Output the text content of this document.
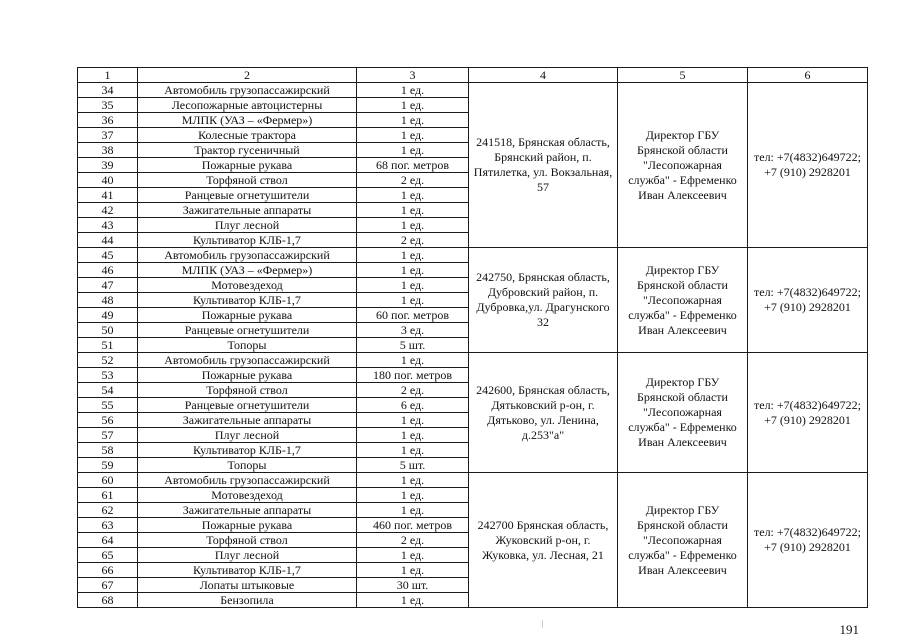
1	2	3	4	5	6
34	Автомобиль грузопассажирский	1 ед.	241518, Брянская область, Брянский район, п. Пятилетка, ул. Вокзальная, 57	Директор ГБУ Брянской области "Лесопожарная служба" - Ефременко Иван Алексеевич	тел: +7(4832)649722; +7 (910) 2928201
35	Лесопожарные автоцистерны	1 ед.			
36	МЛПК (УАЗ – «Фермер»)	1 ед.			
37	Колесные трактора	1 ед.			
38	Трактор гусеничный	1 ед.			
39	Пожарные рукава	68 пог. метров			
40	Торфяной ствол	2 ед.			
41	Ранцевые огнетушители	1 ед.			
42	Зажигательные аппараты	1 ед.			
43	Плуг лесной	1 ед.			
44	Культиватор КЛБ-1,7	2 ед.			
45	Автомобиль грузопассажирский	1 ед.	242750, Брянская область, Дубровский район, п. Дубровка,ул. Драгунского 32	Директор ГБУ Брянской области "Лесопожарная служба" - Ефременко Иван Алексеевич	тел: +7(4832)649722; +7 (910) 2928201
46	МЛПК (УАЗ – «Фермер»)	1 ед.			
47	Мотовездеход	1 ед.			
48	Культиватор КЛБ-1,7	1 ед.			
49	Пожарные рукава	60 пог. метров			
50	Ранцевые огнетушители	3 ед.			
51	Топоры	5 шт.			
52	Автомобиль грузопассажирский	1 ед.	242600, Брянская область, Дятьковский р-он, г. Дятьково, ул. Ленина, д.253"а"	Директор ГБУ Брянской области "Лесопожарная служба" - Ефременко Иван Алексеевич	тел: +7(4832)649722; +7 (910) 2928201
53	Пожарные рукава	180 пог. метров			
54	Торфяной ствол	2 ед.			
55	Ранцевые огнетушители	6 ед.			
56	Зажигательные аппараты	1 ед.			
57	Плуг лесной	1 ед.			
58	Культиватор КЛБ-1,7	1 ед.			
59	Топоры	5 шт.			
60	Автомобиль грузопассажирский	1 ед.	242700 Брянская область, Жуковский р-он, г. Жуковка, ул. Лесная, 21	Директор ГБУ Брянской области "Лесопожарная служба" - Ефременко Иван Алексеевич	тел: +7(4832)649722; +7 (910) 2928201
61	Мотовездеход	1 ед.			
62	Зажигательные аппараты	1 ед.			
63	Пожарные рукава	460 пог. метров			
64	Торфяной ствол	2 ед.			
65	Плуг лесной	1 ед.			
66	Культиватор КЛБ-1,7	1 ед.			
67	Лопаты штыковые	30 шт.			
68	Бензопила	1 ед.			
191
